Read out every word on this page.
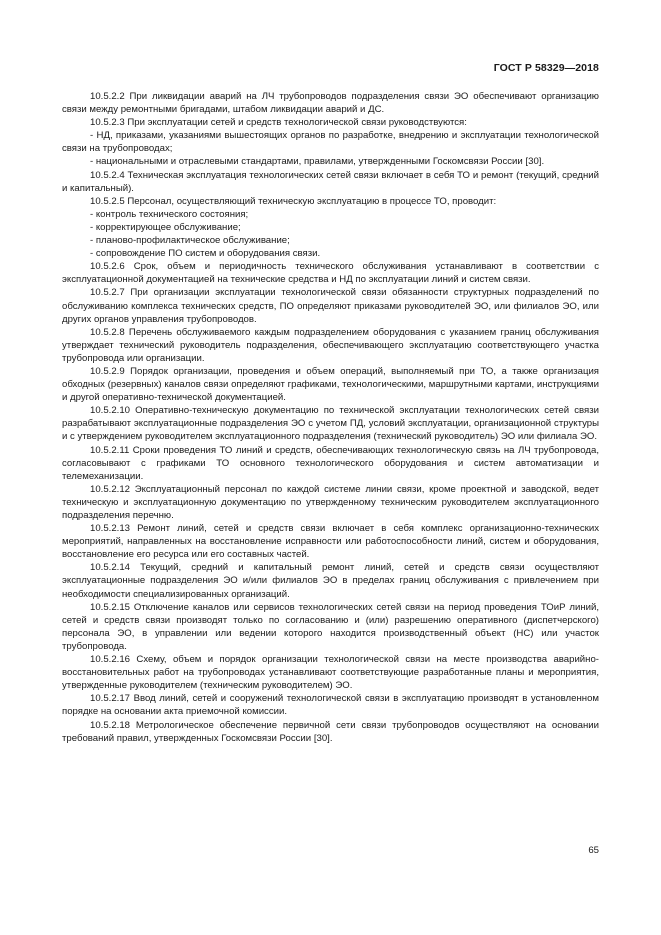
ГОСТ Р 58329—2018

10.5.2.2 При ликвидации аварий на ЛЧ трубопроводов подразделения связи ЭО обеспечивают организацию связи между ремонтными бригадами, штабом ликвидации аварий и ДС.

10.5.2.3 При эксплуатации сетей и средств технологической связи руководствуются:

- НД, приказами, указаниями вышестоящих органов по разработке, внедрению и эксплуатации технологической связи на трубопроводах;

- национальными и отраслевыми стандартами, правилами, утвержденными Госкомсвязи России [30].

10.5.2.4 Техническая эксплуатация технологических сетей связи включает в себя ТО и ремонт (текущий, средний и капитальный).

10.5.2.5 Персонал, осуществляющий техническую эксплуатацию в процессе ТО, проводит:

- контроль технического состояния;

- корректирующее обслуживание;

- планово-профилактическое обслуживание;

- сопровождение ПО систем и оборудования связи.

10.5.2.6 Срок, объем и периодичность технического обслуживания устанавливают в соответствии с эксплуатационной документацией на технические средства и НД по эксплуатации линий и систем связи.

10.5.2.7 При организации эксплуатации технологической связи обязанности структурных подразделений по обслуживанию комплекса технических средств, ПО определяют приказами руководителей ЭО, или филиалов ЭО, или других органов управления трубопроводов.

10.5.2.8 Перечень обслуживаемого каждым подразделением оборудования с указанием границ обслуживания утверждает технический руководитель подразделения, обеспечивающего эксплуатацию соответствующего участка трубопровода или организации.

10.5.2.9 Порядок организации, проведения и объем операций, выполняемый при ТО, а также организация обходных (резервных) каналов связи определяют графиками, технологическими, маршрутными картами, инструкциями и другой оперативно-технической документацией.

10.5.2.10 Оперативно-техническую документацию по технической эксплуатации технологических сетей связи разрабатывают эксплуатационные подразделения ЭО с учетом ПД, условий эксплуатации, организационной структуры и с утверждением руководителем эксплуатационного подразделения (технический руководитель) ЭО или филиала ЭО.

10.5.2.11 Сроки проведения ТО линий и средств, обеспечивающих технологическую связь на ЛЧ трубопровода, согласовывают с графиками ТО основного технологического оборудования и систем автоматизации и телемеханизации.

10.5.2.12 Эксплуатационный персонал по каждой системе линии связи, кроме проектной и заводской, ведет техническую и эксплуатационную документацию по утвержденному техническим руководителем эксплуатационного подразделения перечню.

10.5.2.13 Ремонт линий, сетей и средств связи включает в себя комплекс организационно-технических мероприятий, направленных на восстановление исправности или работоспособности линий, систем и оборудования, восстановление его ресурса или его составных частей.

10.5.2.14 Текущий, средний и капитальный ремонт линий, сетей и средств связи осуществляют эксплуатационные подразделения ЭО и/или филиалов ЭО в пределах границ обслуживания с привлечением при необходимости специализированных организаций.

10.5.2.15 Отключение каналов или сервисов технологических сетей связи на период проведения ТОиР линий, сетей и средств связи производят только по согласованию и (или) разрешению оперативного (диспетчерского) персонала ЭО, в управлении или ведении которого находится производственный объект (НС) или участок трубопровода.

10.5.2.16 Схему, объем и порядок организации технологической связи на месте производства аварийно-восстановительных работ на трубопроводах устанавливают соответствующие разработанные планы и мероприятия, утвержденные руководителем (техническим руководителем) ЭО.

10.5.2.17 Ввод линий, сетей и сооружений технологической связи в эксплуатацию производят в установленном порядке на основании акта приемочной комиссии.

10.5.2.18 Метрологическое обеспечение первичной сети связи трубопроводов осуществляют на основании требований правил, утвержденных Госкомсвязи России [30].

65
